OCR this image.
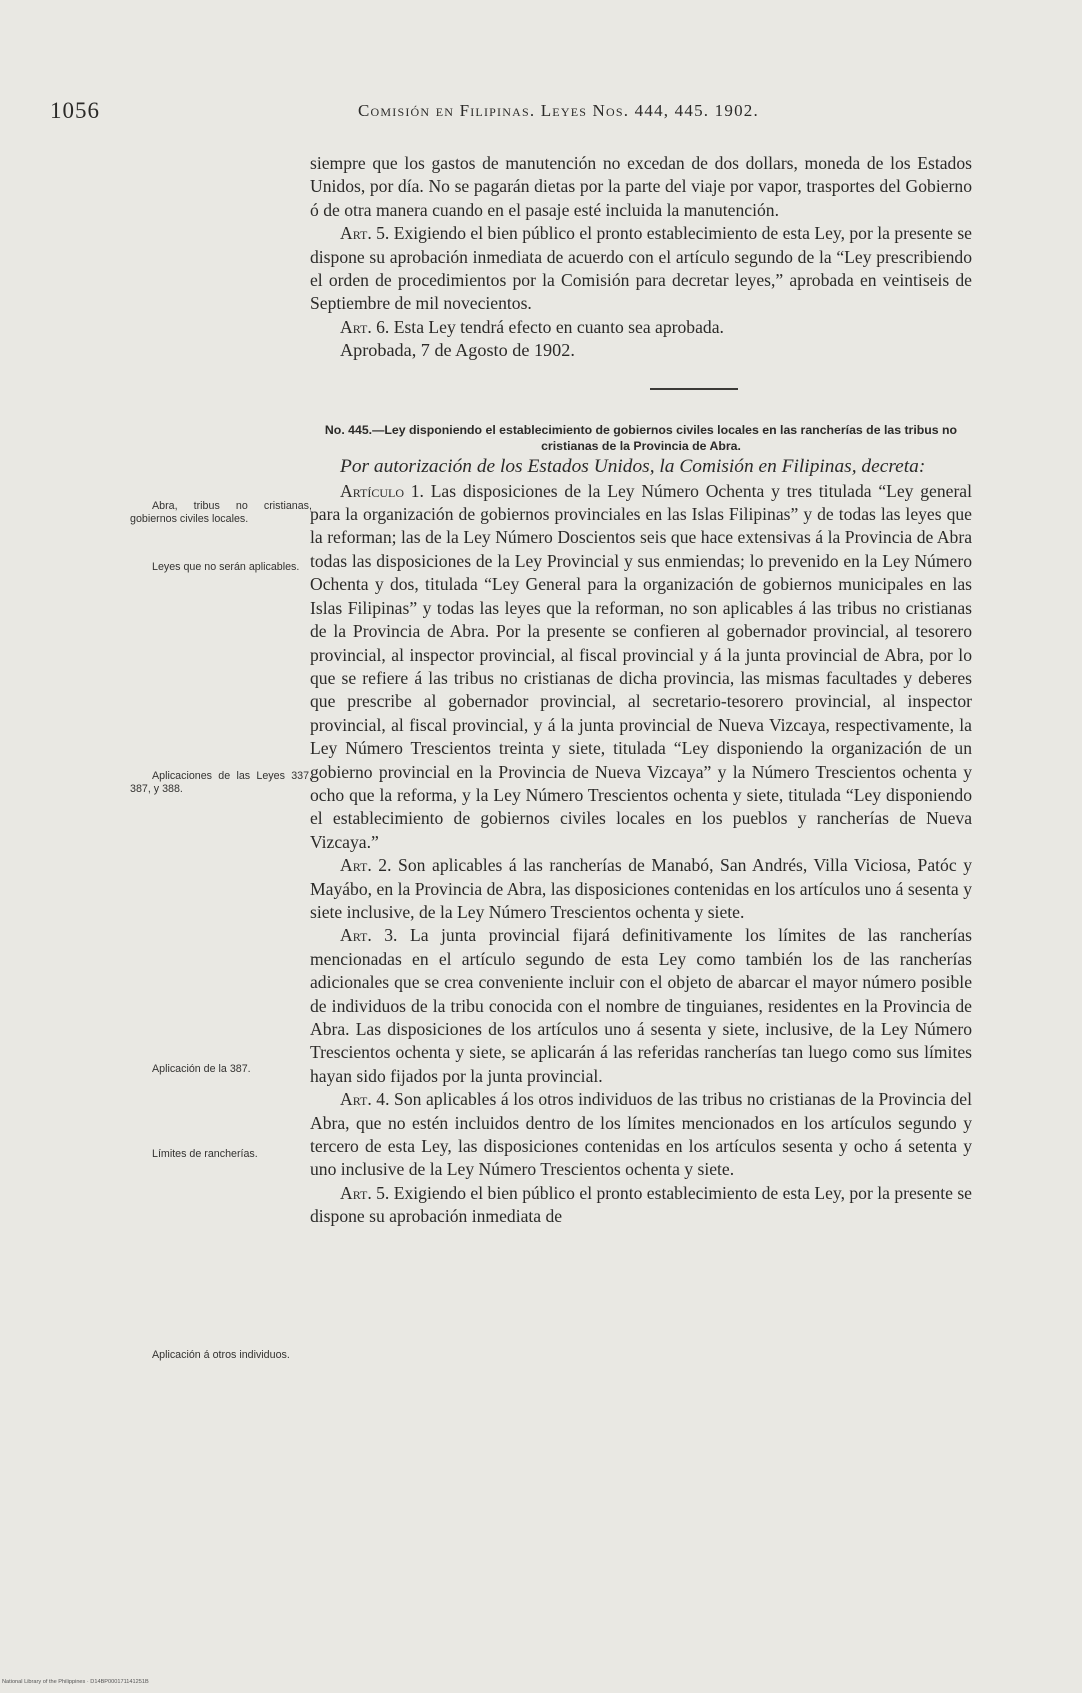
1056	Comisión en Filipinas. Leyes Nos. 444, 445. 1902.

siempre que los gastos de manutención no excedan de dos dollars, moneda de los Estados Unidos, por día. No se pagarán dietas por la parte del viaje por vapor, trasportes del Gobierno ó de otra manera cuando en el pasaje esté incluida la manutención.

Art. 5. Exigiendo el bien público el pronto establecimiento de esta Ley, por la presente se dispone su aprobación inmediata de acuerdo con el artículo segundo de la “Ley prescribiendo el orden de procedimientos por la Comisión para decretar leyes,” aprobada en veintiseis de Septiembre de mil novecientos.

Art. 6. Esta Ley tendrá efecto en cuanto sea aprobada.

Aprobada, 7 de Agosto de 1902.

No. 445.—Ley disponiendo el establecimiento de gobiernos civiles locales en las rancherías de las tribus no cristianas de la Provincia de Abra.

Por autorización de los Estados Unidos, la Comisión en Filipinas, decreta:

Artículo 1. Las disposiciones de la Ley Número Ochenta y tres titulada “Ley general para la organización de gobiernos provinciales en las Islas Filipinas” y de todas las leyes que la reforman; las de la Ley Número Doscientos seis que hace extensivas á la Provincia de Abra todas las disposiciones de la Ley Provincial y sus enmiendas; lo prevenido en la Ley Número Ochenta y dos, titulada “Ley General para la organización de gobiernos municipales en las Islas Filipinas” y todas las leyes que la reforman, no son aplicables á las tribus no cristianas de la Provincia de Abra. Por la presente se confieren al gobernador provincial, al tesorero provincial, al inspector provincial, al fiscal provincial y á la junta provincial de Abra, por lo que se refiere á las tribus no cristianas de dicha provincia, las mismas facultades y deberes que prescribe al gobernador provincial, al secretario-tesorero provincial, al inspector provincial, al fiscal provincial, y á la junta provincial de Nueva Vizcaya, respectivamente, la Ley Número Trescientos treinta y siete, titulada “Ley disponiendo la organización de un gobierno provincial en la Provincia de Nueva Vizcaya” y la Número Trescientos ochenta y ocho que la reforma, y la Ley Número Trescientos ochenta y siete, titulada “Ley disponiendo el establecimiento de gobiernos civiles locales en los pueblos y rancherías de Nueva Vizcaya.”

Art. 2. Son aplicables á las rancherías de Manabó, San Andrés, Villa Viciosa, Patóc y Mayábo, en la Provincia de Abra, las disposiciones contenidas en los artículos uno á sesenta y siete inclusive, de la Ley Número Trescientos ochenta y siete.

Art. 3. La junta provincial fijará definitivamente los límites de las rancherías mencionadas en el artículo segundo de esta Ley como también los de las rancherías adicionales que se crea conveniente incluir con el objeto de abarcar el mayor número posible de individuos de la tribu conocida con el nombre de tinguianes, residentes en la Provincia de Abra. Las disposiciones de los artículos uno á sesenta y siete, inclusive, de la Ley Número Trescientos ochenta y siete, se aplicarán á las referidas rancherías tan luego como sus límites hayan sido fijados por la junta provincial.

Art. 4. Son aplicables á los otros individuos de las tribus no cristianas de la Provincia del Abra, que no estén incluidos dentro de los límites mencionados en los artículos segundo y tercero de esta Ley, las disposiciones contenidas en los artículos sesenta y ocho á setenta y uno inclusive de la Ley Número Trescientos ochenta y siete.

Art. 5. Exigiendo el bien público el pronto establecimiento de esta Ley, por la presente se dispone su aprobación inmediata de

Abra, tribus no cristianas, gobiernos civiles locales.
Leyes que no serán aplicables.
Aplicaciones de las Leyes 337, 387, y 388.
Aplicación de la 387.
Límites de rancherías.
Aplicación á otros individuos.
National Library of the Philippines · D14BP000171141251B
